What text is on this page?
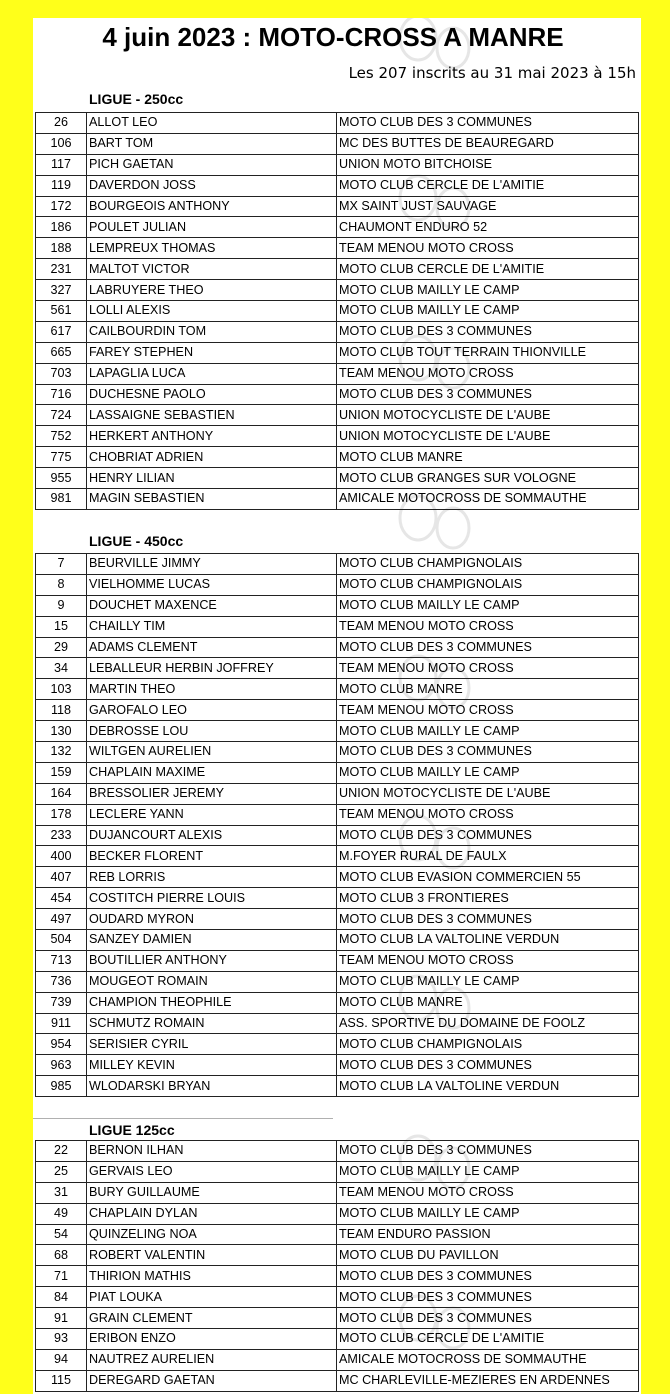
4 juin 2023 : MOTO-CROSS A MANRE
Les 207 inscrits au 31 mai 2023 à 15h
LIGUE - 250cc
26	ALLOT LEO	MOTO CLUB DES 3 COMMUNES
106	BART TOM	MC DES BUTTES DE BEAUREGARD
117	PICH GAETAN	UNION MOTO BITCHOISE
119	DAVERDON JOSS	MOTO CLUB CERCLE DE L'AMITIE
172	BOURGEOIS ANTHONY	MX SAINT JUST SAUVAGE
186	POULET JULIAN	CHAUMONT ENDURO 52
188	LEMPREUX THOMAS	TEAM MENOU MOTO CROSS
231	MALTOT VICTOR	MOTO CLUB CERCLE DE L'AMITIE
327	LABRUYERE THEO	MOTO CLUB MAILLY LE CAMP
561	LOLLI ALEXIS	MOTO CLUB MAILLY LE CAMP
617	CAILBOURDIN TOM	MOTO CLUB DES 3 COMMUNES
665	FAREY STEPHEN	MOTO CLUB TOUT TERRAIN THIONVILLE
703	LAPAGLIA LUCA	TEAM MENOU MOTO CROSS
716	DUCHESNE PAOLO	MOTO CLUB DES 3 COMMUNES
724	LASSAIGNE SEBASTIEN	UNION MOTOCYCLISTE DE L'AUBE
752	HERKERT ANTHONY	UNION MOTOCYCLISTE DE L'AUBE
775	CHOBRIAT ADRIEN	MOTO CLUB MANRE
955	HENRY LILIAN	MOTO CLUB GRANGES SUR VOLOGNE
981	MAGIN SEBASTIEN	AMICALE MOTOCROSS DE SOMMAUTHE
LIGUE - 450cc
7	BEURVILLE JIMMY	MOTO CLUB CHAMPIGNOLAIS
8	VIELHOMME LUCAS	MOTO CLUB CHAMPIGNOLAIS
9	DOUCHET MAXENCE	MOTO CLUB MAILLY LE CAMP
15	CHAILLY TIM	TEAM MENOU MOTO CROSS
29	ADAMS CLEMENT	MOTO CLUB DES 3 COMMUNES
34	LEBALLEUR HERBIN JOFFREY	TEAM MENOU MOTO CROSS
103	MARTIN THEO	MOTO CLUB MANRE
118	GAROFALO LEO	TEAM MENOU MOTO CROSS
130	DEBROSSE LOU	MOTO CLUB MAILLY LE CAMP
132	WILTGEN AURELIEN	MOTO CLUB DES 3 COMMUNES
159	CHAPLAIN MAXIME	MOTO CLUB MAILLY LE CAMP
164	BRESSOLIER JEREMY	UNION MOTOCYCLISTE DE L'AUBE
178	LECLERE YANN	TEAM MENOU MOTO CROSS
233	DUJANCOURT ALEXIS	MOTO CLUB DES 3 COMMUNES
400	BECKER FLORENT	M.FOYER RURAL DE FAULX
407	REB LORRIS	MOTO CLUB EVASION COMMERCIEN 55
454	COSTITCH PIERRE LOUIS	MOTO CLUB 3 FRONTIERES
497	OUDARD MYRON	MOTO CLUB DES 3 COMMUNES
504	SANZEY DAMIEN	MOTO CLUB LA VALTOLINE VERDUN
713	BOUTILLIER ANTHONY	TEAM MENOU MOTO CROSS
736	MOUGEOT ROMAIN	MOTO CLUB MAILLY LE CAMP
739	CHAMPION THEOPHILE	MOTO CLUB MANRE
911	SCHMUTZ ROMAIN	ASS. SPORTIVE DU DOMAINE DE FOOLZ
954	SERISIER CYRIL	MOTO CLUB CHAMPIGNOLAIS
963	MILLEY KEVIN	MOTO CLUB DES 3 COMMUNES
985	WLODARSKI BRYAN	MOTO CLUB LA VALTOLINE VERDUN
LIGUE 125cc
22	BERNON ILHAN	MOTO CLUB DES 3 COMMUNES
25	GERVAIS LEO	MOTO CLUB MAILLY LE CAMP
31	BURY GUILLAUME	TEAM MENOU MOTO CROSS
49	CHAPLAIN DYLAN	MOTO CLUB MAILLY LE CAMP
54	QUINZELING NOA	TEAM ENDURO PASSION
68	ROBERT VALENTIN	MOTO CLUB DU PAVILLON
71	THIRION MATHIS	MOTO CLUB DES 3 COMMUNES
84	PIAT LOUKA	MOTO CLUB DES 3 COMMUNES
91	GRAIN CLEMENT	MOTO CLUB DES 3 COMMUNES
93	ERIBON ENZO	MOTO CLUB CERCLE DE L'AMITIE
94	NAUTREZ AURELIEN	AMICALE MOTOCROSS DE SOMMAUTHE
115	DEREGARD GAETAN	MC CHARLEVILLE-MEZIERES EN ARDENNES
